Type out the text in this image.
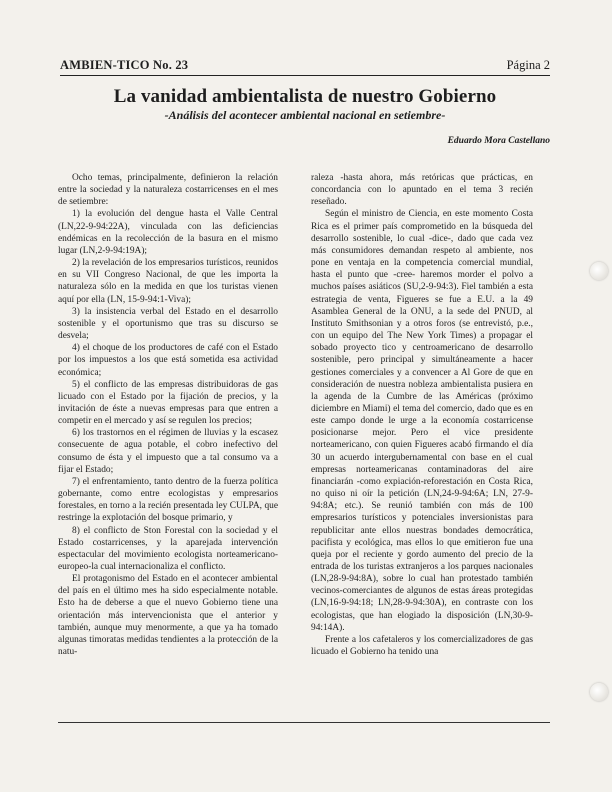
AMBIEN-TICO No. 23	Página 2
La vanidad ambientalista de nuestro Gobierno
-Análisis del acontecer ambiental nacional en setiembre-
Eduardo Mora Castellano

Ocho temas, principalmente, definieron la relación entre la sociedad y la naturaleza costarricenses en el mes de setiembre:

1) la evolución del dengue hasta el Valle Central (LN,22-9-94:22A), vinculada con las deficiencias endémicas en la recolección de la basura en el mismo lugar (LN,2-9-94:19A);

2) la revelación de los empresarios turísticos, reunidos en su VII Congreso Nacional, de que les importa la naturaleza sólo en la medida en que los turistas vienen aquí por ella (LN, 15-9-94:1-Viva);

3) la insistencia verbal del Estado en el desarrollo sostenible y el oportunismo que tras su discurso se desvela;

4) el choque de los productores de café con el Estado por los impuestos a los que está sometida esa actividad económica;

5) el conflicto de las empresas distribuidoras de gas licuado con el Estado por la fijación de precios, y la invitación de éste a nuevas empresas para que entren a competir en el mercado y así se regulen los precios;

6) los trastornos en el régimen de lluvias y la escasez consecuente de agua potable, el cobro inefectivo del consumo de ésta y el impuesto que a tal consumo va a fijar el Estado;

7) el enfrentamiento, tanto dentro de la fuerza política gobernante, como entre ecologistas y empresarios forestales, en torno a la recién presentada ley CULPA, que restringe la explotación del bosque primario, y

8) el conflicto de Ston Forestal con la sociedad y el Estado costarricenses, y la aparejada intervención espectacular del movimiento ecologista norteamericano-europeo-la cual internacionaliza el conflicto.

El protagonismo del Estado en el acontecer ambiental del país en el último mes ha sido especialmente notable. Esto ha de deberse a que el nuevo Gobierno tiene una orientación más intervencionista que el anterior y también, aunque muy menormente, a que ya ha tomado algunas timoratas medidas tendientes a la protección de la natu-

raleza -hasta ahora, más retóricas que prácticas, en concordancia con lo apuntado en el tema 3 recién reseñado.

Según el ministro de Ciencia, en este momento Costa Rica es el primer país comprometido en la búsqueda del desarrollo sostenible, lo cual -dice-, dado que cada vez más consumidores demandan respeto al ambiente, nos pone en ventaja en la competencia comercial mundial, hasta el punto que -cree- haremos morder el polvo a muchos países asiáticos (SU,2-9-94:3). Fiel también a esta estrategia de venta, Figueres se fue a E.U. a la 49 Asamblea General de la ONU, a la sede del PNUD, al Instituto Smithsonian y a otros foros (se entrevistó, p.e., con un equipo del The New York Times) a propagar el sobado proyecto tico y centroamericano de desarrollo sostenible, pero principal y simultáneamente a hacer gestiones comerciales y a convencer a Al Gore de que en consideración de nuestra nobleza ambientalista pusiera en la agenda de la Cumbre de las Américas (próximo diciembre en Miami) el tema del comercio, dado que es en este campo donde le urge a la economía costarricense posicionarse mejor. Pero el vice presidente norteamericano, con quien Figueres acabó firmando el día 30 un acuerdo intergubernamental con base en el cual empresas norteamericanas contaminadoras del aire financiarán -como expiación-reforestación en Costa Rica, no quiso ni oír la petición (LN,24-9-94:6A; LN, 27-9-94:8A; etc.). Se reunió también con más de 100 empresarios turísticos y potenciales inversionistas para republicitar ante ellos nuestras bondades democrática, pacifista y ecológica, mas ellos lo que emitieron fue una queja por el reciente y gordo aumento del precio de la entrada de los turistas extranjeros a los parques nacionales (LN,28-9-94:8A), sobre lo cual han protestado también vecinos-comerciantes de algunos de estas áreas protegidas (LN,16-9-94:18; LN,28-9-94:30A), en contraste con los ecologistas, que han elogiado la disposición (LN,30-9-94:14A).

Frente a los cafetaleros y los comercializadores de gas licuado el Gobierno ha tenido una
